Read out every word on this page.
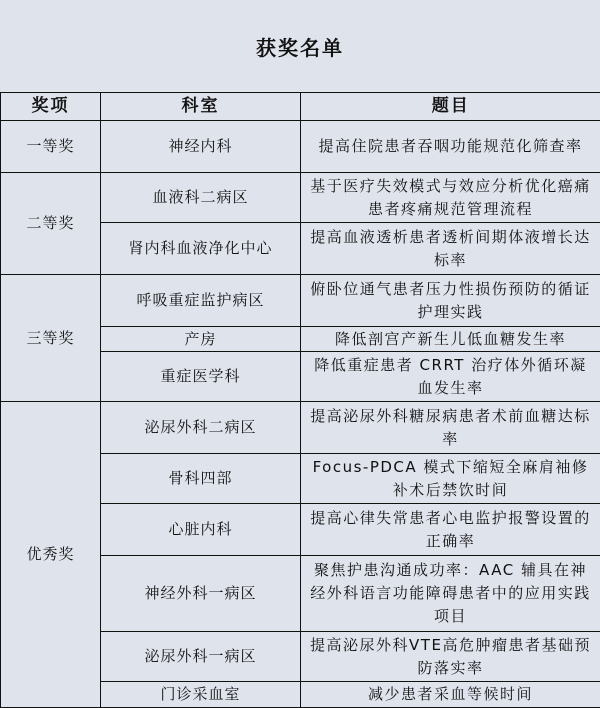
获奖名单
奖项	科室	题目
一等奖	神经内科	提高住院患者吞咽功能规范化筛查率
二等奖	血液科二病区	基于医疗失效模式与效应分析优化癌痛患者疼痛规范管理流程
	肾内科血液净化中心	提高血液透析患者透析间期体液增长达标率
三等奖	呼吸重症监护病区	俯卧位通气患者压力性损伤预防的循证护理实践
	产房	降低剖宫产新生儿低血糖发生率
	重症医学科	降低重症患者 CRRT 治疗体外循环凝血发生率
优秀奖	泌尿外科二病区	提高泌尿外科糖尿病患者术前血糖达标率
	骨科四部	Focus-PDCA 模式下缩短全麻肩袖修补术后禁饮时间
	心脏内科	提高心律失常患者心电监护报警设置的正确率
	神经外科一病区	聚焦护患沟通成功率：AAC 辅具在神经外科语言功能障碍患者中的应用实践项目
	泌尿外科一病区	提高泌尿外科VTE高危肿瘤患者基础预防落实率
	门诊采血室	减少患者采血等候时间
